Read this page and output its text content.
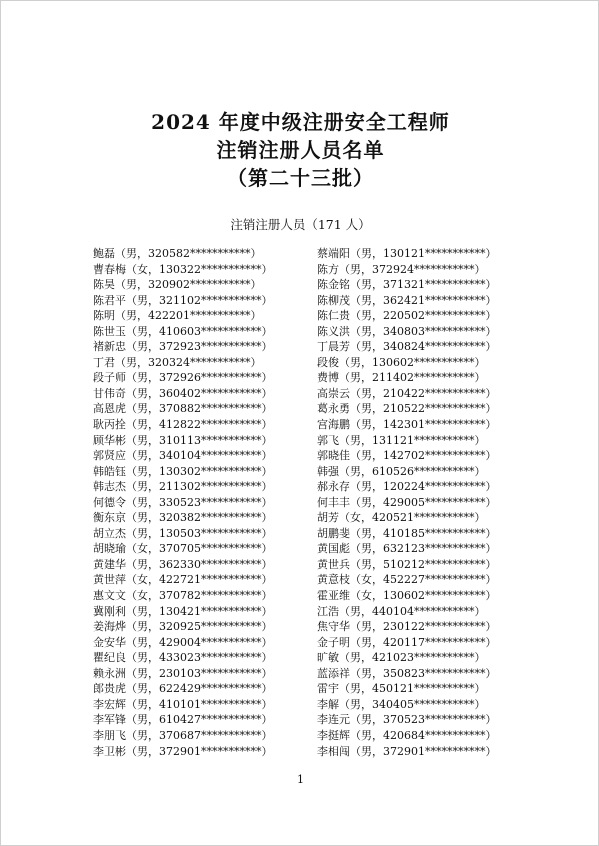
2024 年度中级注册安全工程师
注销注册人员名单
（第二十三批）
注销注册人员（171 人）
鲍磊（男，320582***********）
曹春梅（女，130322***********）
陈昊（男，320902***********）
陈君平（男，321102***********）
陈明（男，422201***********）
陈世玉（男，410603***********）
褚新忠（男，372923***********）
丁君（男，320324***********）
段子师（男，372926***********）
甘伟奇（男，360402***********）
高恩虎（男，370882***********）
耿丙拴（男，412822***********）
顾华彬（男，310113***********）
郭贤应（男，340104***********）
韩皓钰（男，130302***********）
韩志杰（男，211302***********）
何德令（男，330523***********）
衡东京（男，320382***********）
胡立杰（男，130503***********）
胡晓瑜（女，370705***********）
黄建华（男，362330***********）
黄世萍（女，422721***********）
惠文文（女，370782***********）
冀刚利（男，130421***********）
姜海烨（男，320925***********）
金安华（男，429004***********）
瞿纪良（男，433023***********）
赖永洲（男，230103***********）
郎贵虎（男，622429***********）
李宏辉（男，410101***********）
李军锋（男，610427***********）
李朋飞（男，370687***********）
李卫彬（男，372901***********）
蔡端阳（男，130121***********）
陈方（男，372924***********）
陈金铭（男，371321***********）
陈柳茂（男，362421***********）
陈仁贵（男，220502***********）
陈义洪（男，340803***********）
丁晨芳（男，340824***********）
段俊（男，130602***********）
费博（男，211402***********）
高崇云（男，210422***********）
葛永勇（男，210522***********）
宫海鹏（男，142301***********）
郭飞（男，131121***********）
郭晓佳（男，142702***********）
韩强（男，610526***********）
郝永存（男，120224***********）
何丰丰（男，429005***********）
胡芳（女，420521***********）
胡鹏斐（男，410185***********）
黄国彪（男，632123***********）
黄世兵（男，510212***********）
黄意枝（女，452227***********）
霍亚维（女，130602***********）
江浩（男，440104***********）
焦守华（男，230122***********）
金子明（男，420117***********）
旷敏（男，421023***********）
蓝添祥（男，350823***********）
雷宇（男，450121***********）
李解（男，340405***********）
李连元（男，370523***********）
李挺辉（男，420684***********）
李相闯（男，372901***********）
1
